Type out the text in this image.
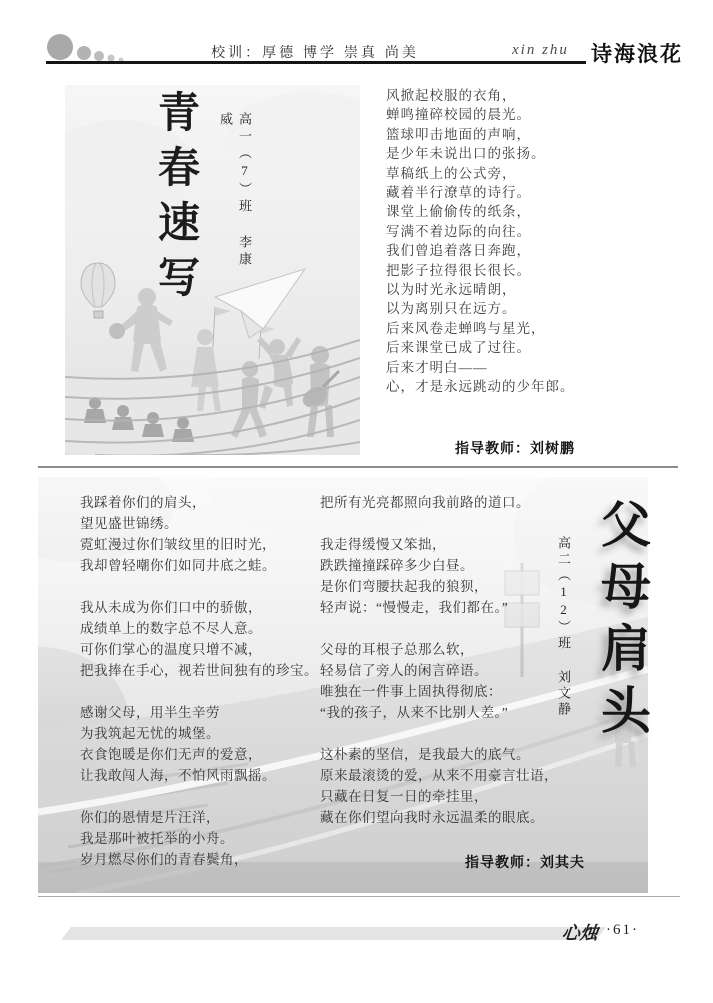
校训：厚德 博学 崇真 尚美	xin zhu 诗海浪花
青春速写	高一（7）班 李康威
风掀起校服的衣角，
蝉鸣撞碎校园的晨光。
篮球叩击地面的声响，
是少年未说出口的张扬。
草稿纸上的公式旁，
藏着半行潦草的诗行。
课堂上偷偷传的纸条，
写满不着边际的向往。
我们曾追着落日奔跑，
把影子拉得很长很长。
以为时光永远晴朗，
以为离别只在远方。
后来风卷走蝉鸣与星光，
后来课堂已成了过往。
后来才明白——
心，才是永远跳动的少年郎。
指导教师：刘树鹏
我踩着你们的肩头，
望见盛世锦绣。
霓虹漫过你们皱纹里的旧时光，
我却曾轻嘲你们如同井底之蛙。
我从未成为你们口中的骄傲，
成绩单上的数字总不尽人意。
可你们掌心的温度只增不减，
把我捧在手心，视若世间独有的珍宝。
感谢父母，用半生辛劳
为我筑起无忧的城堡。
衣食饱暖是你们无声的爱意，
让我敢闯人海，不怕风雨飘摇。
你们的恩情是片汪洋，
我是那叶被托举的小舟。
岁月燃尽你们的青春鬓角，
把所有光亮都照向我前路的道口。
我走得缓慢又笨拙，
跌跌撞撞踩碎多少白昼。
是你们弯腰扶起我的狼狈，
轻声说：“慢慢走，我们都在。”
父母的耳根子总那么软，
轻易信了旁人的闲言碎语。
唯独在一件事上固执得彻底：
“我的孩子，从来不比别人差。”
这朴素的坚信，是我最大的底气。
原来最滚烫的爱，从来不用豪言壮语，
只藏在日复一日的牵挂里，
藏在你们望向我时永远温柔的眼底。
高二（12）班 刘文静 父母肩头
指导教师：刘其夫
心烛 ·61·
